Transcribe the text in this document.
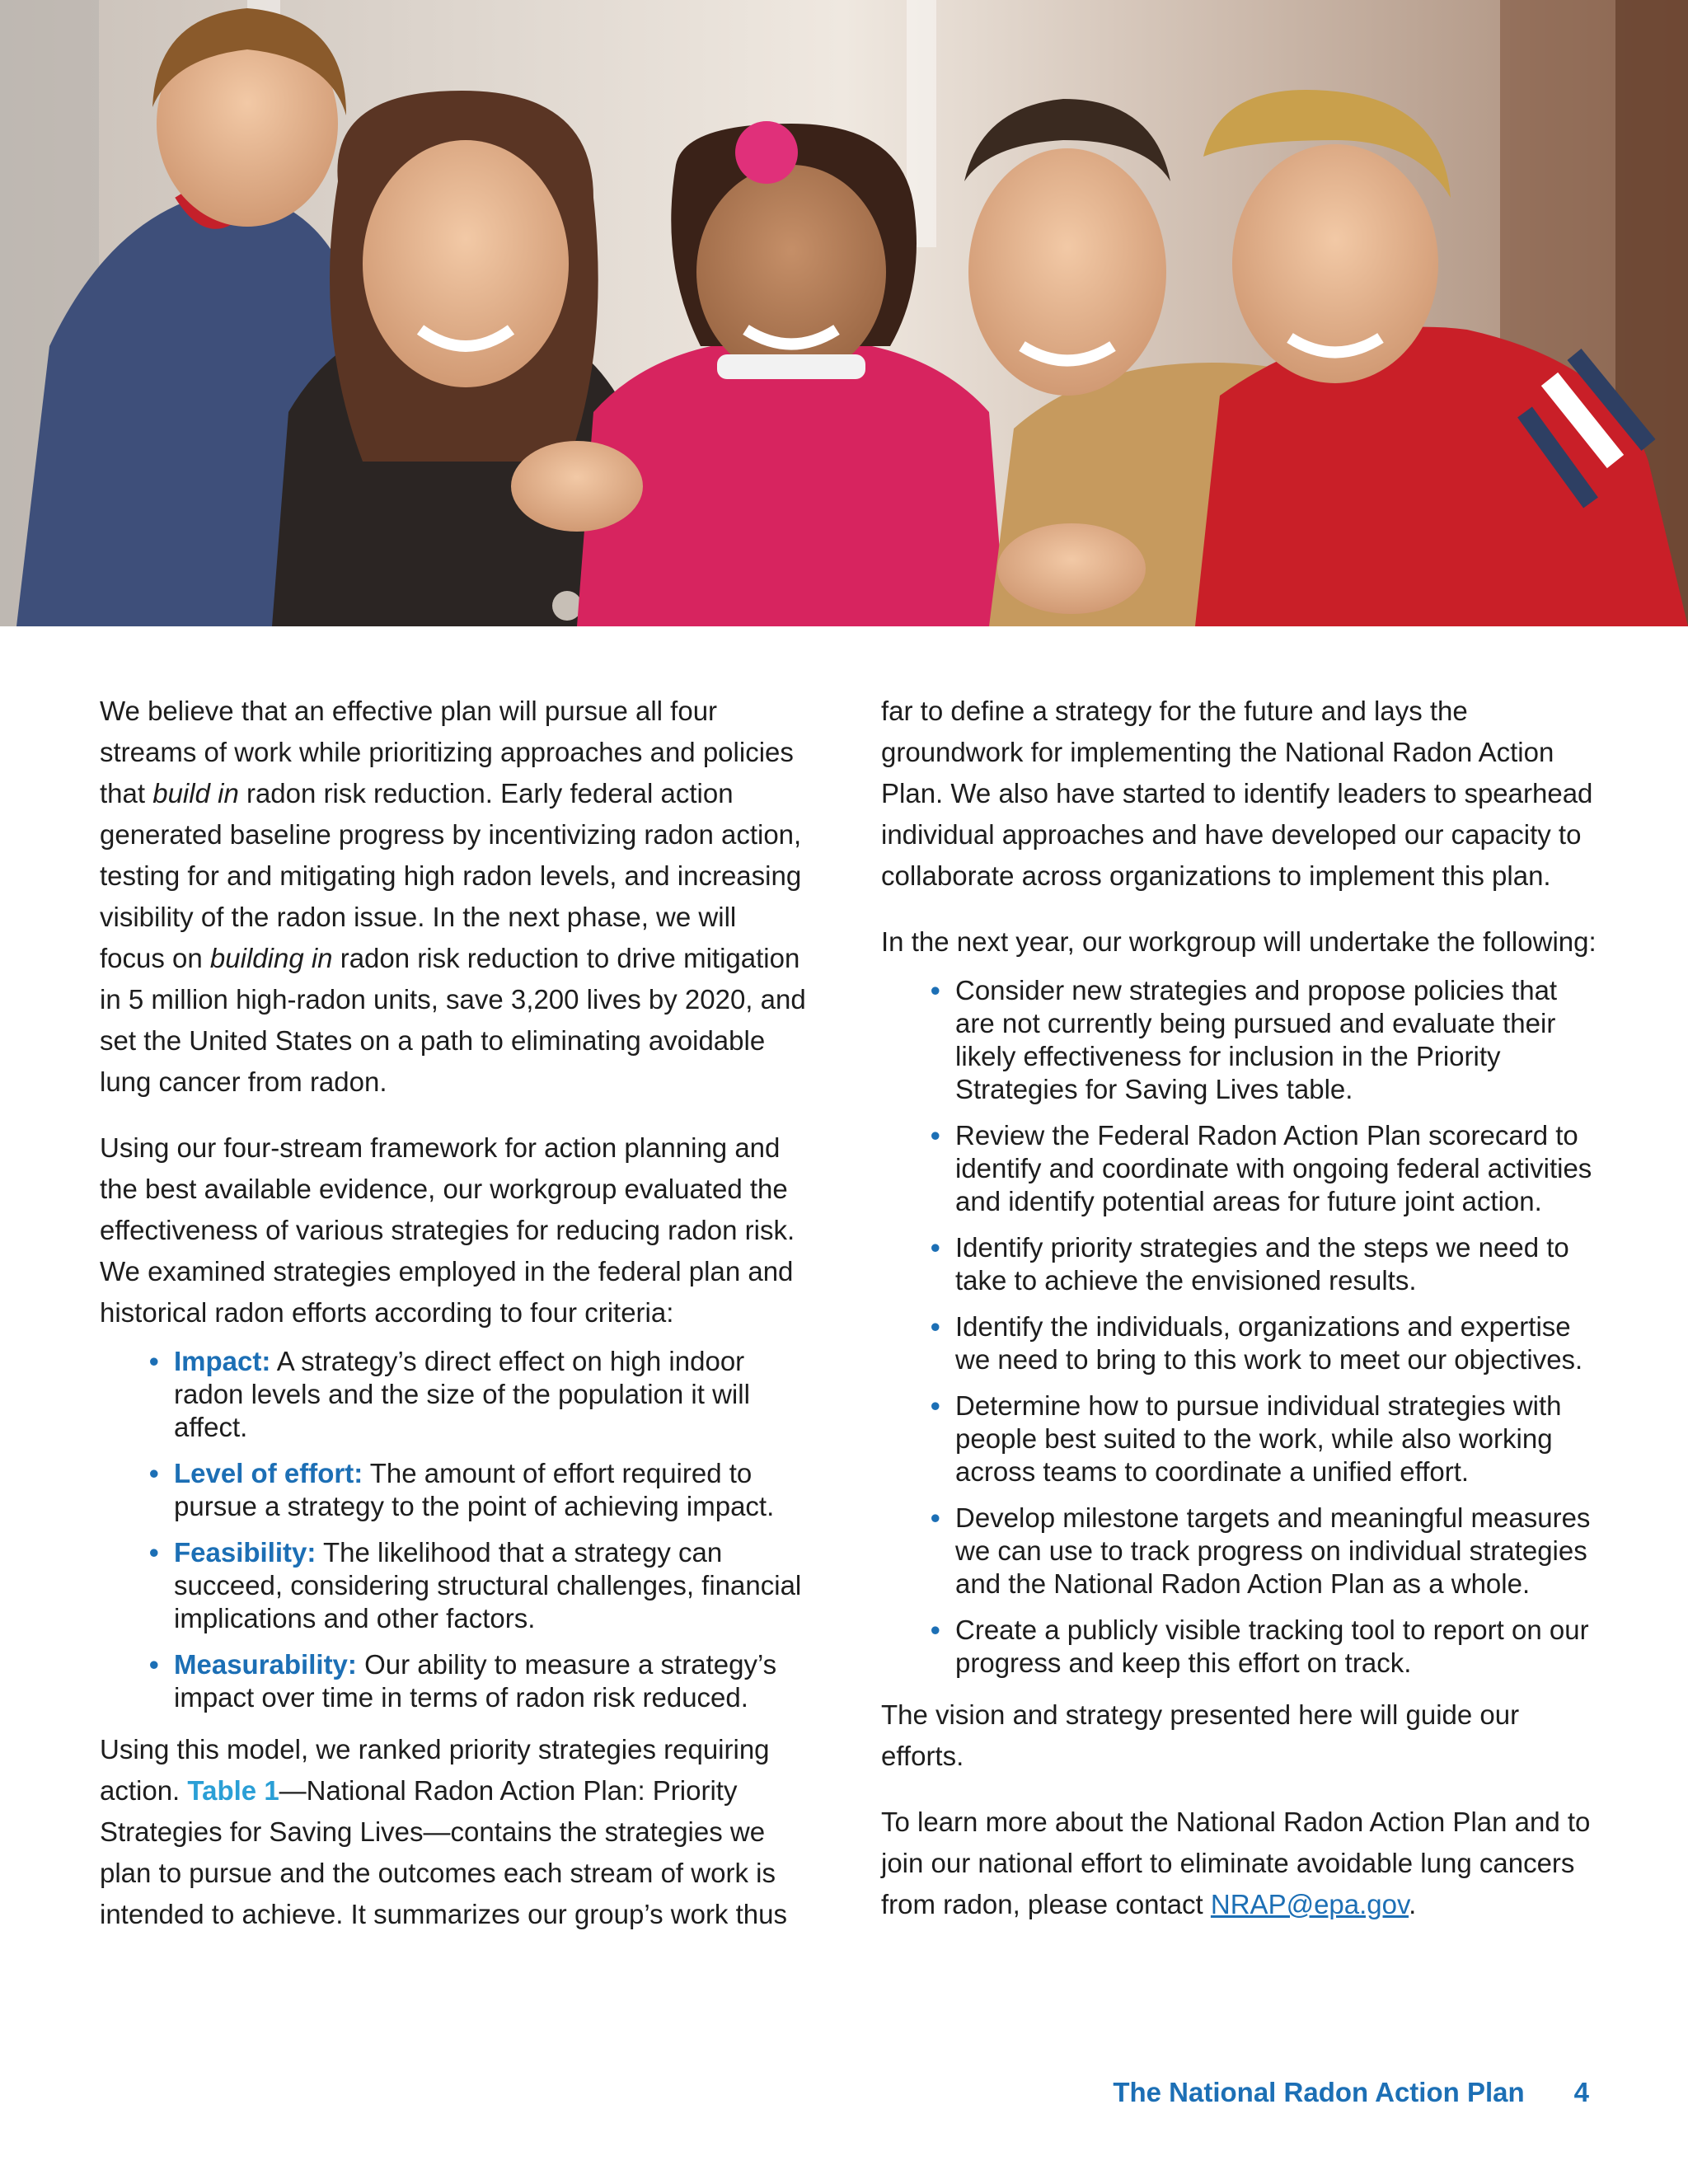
We believe that an effective plan will pursue all four streams of work while prioritizing approaches and policies that build in radon risk reduction. Early federal action generated baseline progress by incentivizing radon action, testing for and mitigating high radon levels, and increasing visibility of the radon issue. In the next phase, we will focus on building in radon risk reduction to drive mitigation in 5 million high-radon units, save 3,200 lives by 2020, and set the United States on a path to eliminating avoidable lung cancer from radon.

Using our four-stream framework for action planning and the best available evidence, our workgroup evaluated the effectiveness of various strategies for reducing radon risk. We examined strategies employed in the federal plan and historical radon efforts according to four criteria:

• Impact: A strategy’s direct effect on high indoor radon levels and the size of the population it will affect.
• Level of effort: The amount of effort required to pursue a strategy to the point of achieving impact.
• Feasibility: The likelihood that a strategy can succeed, considering structural challenges, financial implications and other factors.
• Measurability: Our ability to measure a strategy’s impact over time in terms of radon risk reduced.

Using this model, we ranked priority strategies requiring action. Table 1—National Radon Action Plan: Priority Strategies for Saving Lives—contains the strategies we plan to pursue and the outcomes each stream of work is intended to achieve. It summarizes our group’s work thus

far to define a strategy for the future and lays the groundwork for implementing the National Radon Action Plan. We also have started to identify leaders to spearhead individual approaches and have developed our capacity to collaborate across organizations to implement this plan.

In the next year, our workgroup will undertake the following:

• Consider new strategies and propose policies that are not currently being pursued and evaluate their likely effectiveness for inclusion in the Priority Strategies for Saving Lives table.
• Review the Federal Radon Action Plan scorecard to identify and coordinate with ongoing federal activities and identify potential areas for future joint action.
• Identify priority strategies and the steps we need to take to achieve the envisioned results.
• Identify the individuals, organizations and expertise we need to bring to this work to meet our objectives.
• Determine how to pursue individual strategies with people best suited to the work, while also working across teams to coordinate a unified effort.
• Develop milestone targets and meaningful measures we can use to track progress on individual strategies and the National Radon Action Plan as a whole.
• Create a publicly visible tracking tool to report on our progress and keep this effort on track.

The vision and strategy presented here will guide our efforts.

To learn more about the National Radon Action Plan and to join our national effort to eliminate avoidable lung cancers from radon, please contact NRAP@epa.gov.

The National Radon Action Plan 4
